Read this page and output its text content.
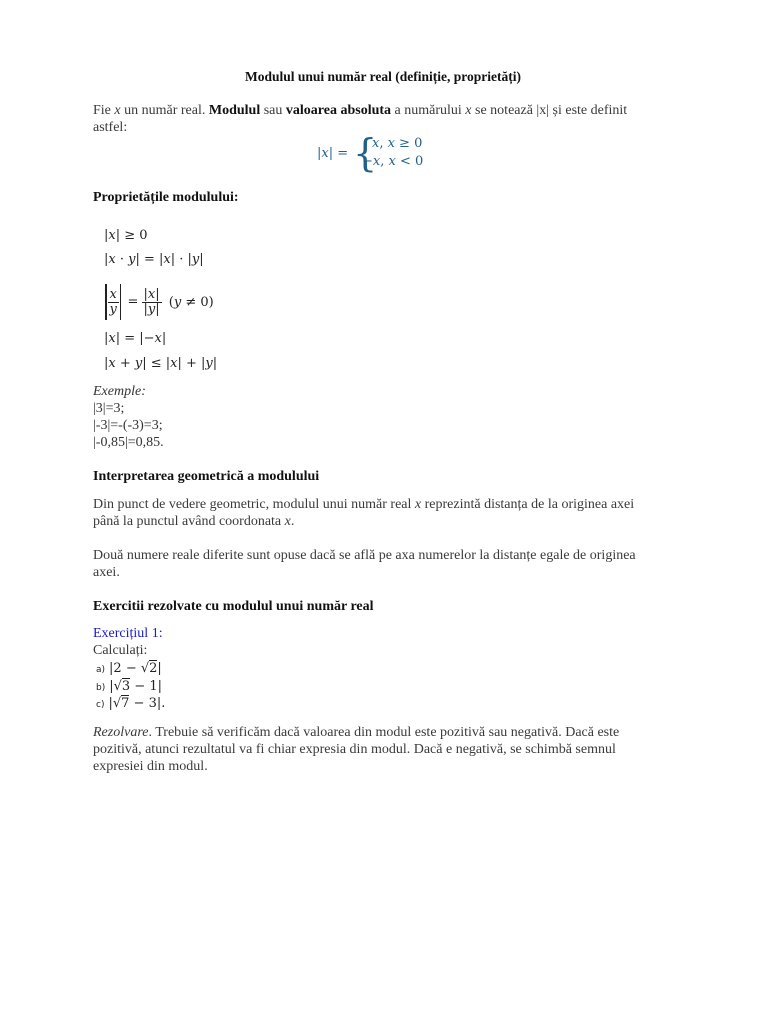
Modulul unui număr real (definiție, proprietăți)
Fie x un număr real. Modulul sau valoarea absoluta a numărului x se notează |x| și este definit
astfel:
|𝑥| = {
𝑥, 𝑥 ≥ 0
−𝑥, 𝑥 < 0
Proprietățile modulului:
|𝑥| ≥ 0
|𝑥 · 𝑦| = |𝑥| · |𝑦|
$\frac{\text{𝑥}}{\text{𝑦}} = \frac{\text{|𝑥|}}{\text{|𝑦|}}$ (𝑦 ≠ 0)
|𝑥| = |−𝑥|
|𝑥 + 𝑦| ≤ |𝑥| + |𝑦|
Exemple:
|3|=3;
|-3|=-(-3)=3;
|-0,85|=0,85.
Interpretarea geometrică a modulului
Din punct de vedere geometric, modulul unui număr real x reprezintă distanța de la originea axei
până la punctul având coordonata x.
Două numere reale diferite sunt opuse dacă se află pe axa numerelor la distanțe egale de originea
axei.
Exercitii rezolvate cu modulul unui număr real
Exercițiul 1:
Calculați:
a) |2 − √2|
b) |√3 − 1|
c) |√7 − 3|.
Rezolvare. Trebuie să verificăm dacă valoarea din modul este pozitivă sau negativă. Dacă este
pozitivă, atunci rezultatul va fi chiar expresia din modul. Dacă e negativă, se schimbă semnul
expresiei din modul.
